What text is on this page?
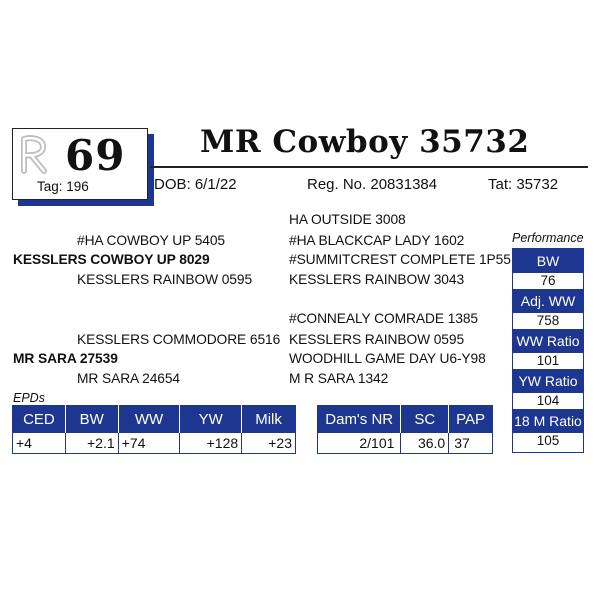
69
Tag: 196
MR Cowboy 35732
DOB: 6/1/22	Reg. No. 20831384	Tat: 35732
HA OUTSIDE 3008
#HA COWBOY UP 5405	#HA BLACKCAP LADY 1602
KESSLERS COWBOY UP 8029	#SUMMITCREST COMPLETE 1P55
KESSLERS RAINBOW 0595	KESSLERS RAINBOW 3043
#CONNEALY COMRADE 1385
KESSLERS COMMODORE 6516 KESSLERS RAINBOW 0595
MR SARA 27539	WOODHILL GAME DAY U6-Y98
MR SARA 24654	M R SARA 1342
Performance
BW
76
Adj. WW
758
WW Ratio
101
YW Ratio
104
18 M Ratio
105
EPDs
CED	BW	WW	YW	Milk
+4	+2.1	+74	+128	+23
Dam's NR	SC	PAP
2/101	36.0	37
